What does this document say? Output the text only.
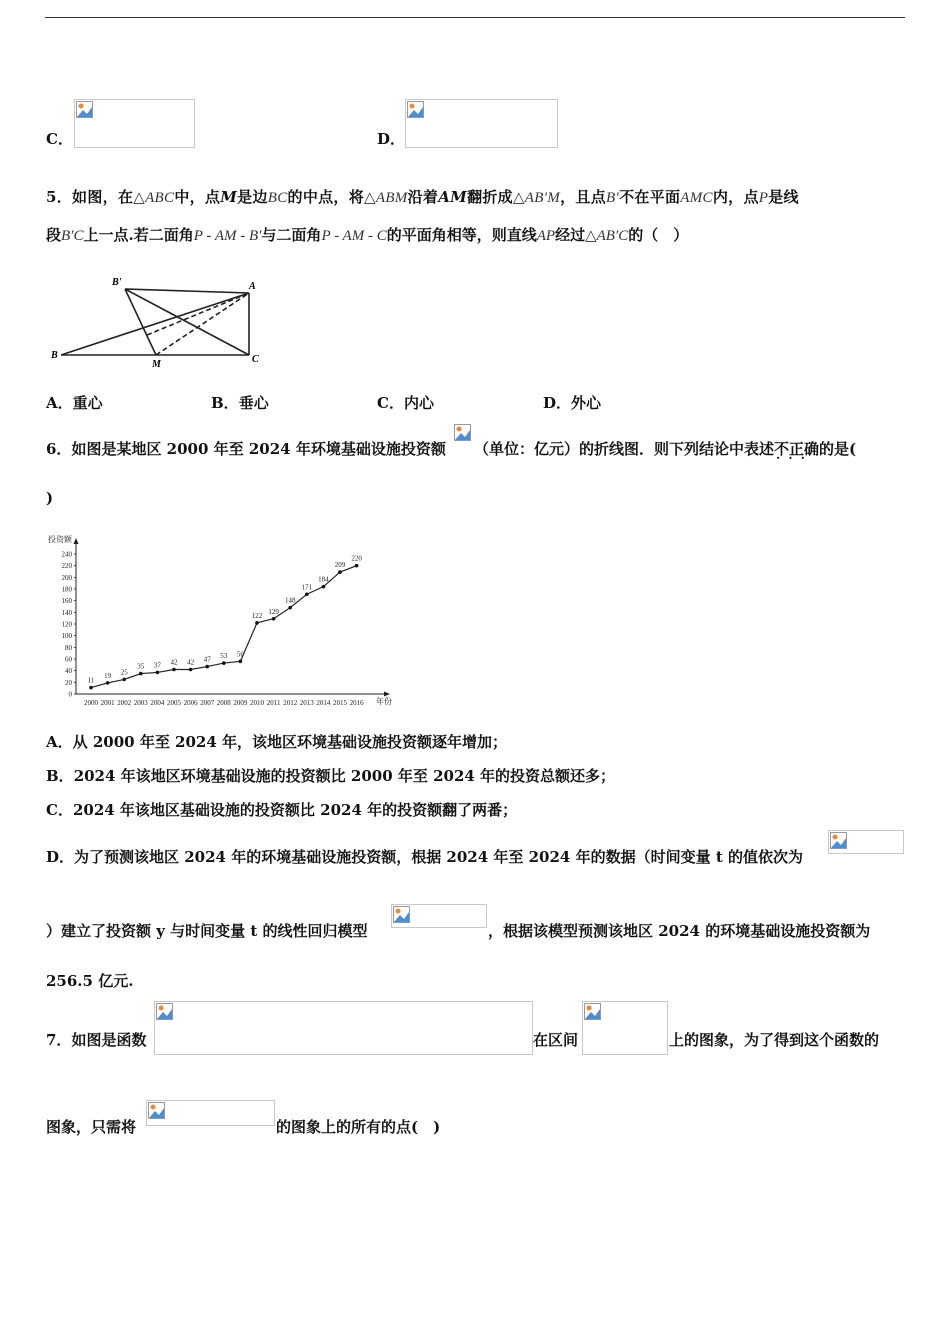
C．	D．
5．如图，在△ABC中，点M是边BC的中点，将△ABM沿着AM翻折成△AB′M，且点B′不在平面AMC内，点P是线
段B′C上一点.若二面角P - AM - B′与二面角P - AM - C的平面角相等，则直线AP经过△AB′C的（　）
B'	A
B
M	C
A．重心	B．垂心	C．内心	D．外心
6．如图是某地区 2000 年至 2024 年环境基础设施投资额 （单位：亿元）的折线图．则下列结论中表述不正确 · · ·的是(
)
投资额
年份
0
20
40
60
80
100
120
140
160
180
200
220
240
2000 2001 2002 2003 2004 2005 2006 2007 2008 2009 2010 2011 2012 2013 2014 2015 2016
11
19 25
35 37 42 42 47 53 56
122
129
148
171
184
209
220
A．从 2000 年至 2024 年，该地区环境基础设施投资额逐年增加；
B．2024 年该地区环境基础设施的投资额比 2000 年至 2024 年的投资总额还多；
C．2024 年该地区基础设施的投资额比 2024 年的投资额翻了两番；
D．为了预测该地区 2024 年的环境基础设施投资额，根据 2024 年至 2024 年的数据（时间变量 t 的值依次为
）建立了投资额 y 与时间变量 t 的线性回归模型	，根据该模型预测该地区 2024 的环境基础设施投资额为
256.5 亿元.
7．如图是函数	在区间	上的图象，为了得到这个函数的
图象，只需将	的图象上的所有的点(　)
